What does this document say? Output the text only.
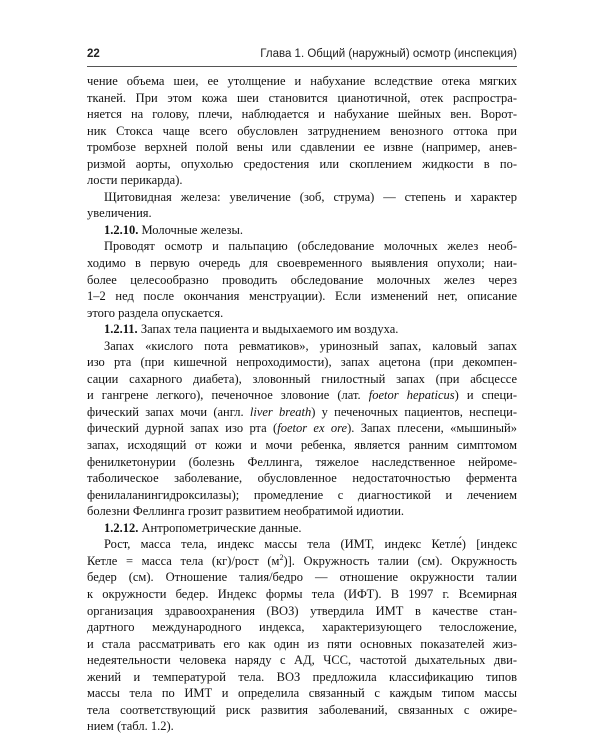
22	Глава 1. Общий (наружный) осмотр (инспекция)
чение объема шеи, ее утолщение и набухание вследствие отека мягких
тканей. При этом кожа шеи становится цианотичной, отек распростра-
няется на голову, плечи, наблюдается и набухание шейных вен. Ворот-
ник Стокса чаще всего обусловлен затруднением венозного оттока при
тромбозе верхней полой вены или сдавлении ее извне (например, анев-
ризмой аорты, опухолью средостения или скоплением жидкости в по-
лости перикарда).
Щитовидная железа: увеличение (зоб, струма) — степень и характер
увеличения.
1.2.10. Молочные железы.
Проводят осмотр и пальпацию (обследование молочных желез необ-
ходимо в первую очередь для своевременного выявления опухоли; наи-
более целесообразно проводить обследование молочных желез через
1–2 нед после окончания менструации). Если изменений нет, описание
этого раздела опускается.
1.2.11. Запах тела пациента и выдыхаемого им воздуха.
Запах «кислого пота ревматиков», уринозный запах, каловый запах
изо рта (при кишечной непроходимости), запах ацетона (при декомпен-
сации сахарного диабета), зловонный гнилостный запах (при абсцессе
и гангрене легкого), печеночное зловоние (лат. foetor hepaticus) и специ-
фический запах мочи (англ. liver breath) у печеночных пациентов, неспеци-
фический дурной запах изо рта (foetor ex ore). Запах плесени, «мышиный»
запах, исходящий от кожи и мочи ребенка, является ранним симптомом
фенилкетонурии (болезнь Феллинга, тяжелое наследственное нейроме-
таболическое заболевание, обусловленное недостаточностью фермента
фенилаланингидроксилазы); промедление с диагностикой и лечением
болезни Феллинга грозит развитием необратимой идиотии.
1.2.12. Антропометрические данные.
Рост, масса тела, индекс массы тела (ИМТ, индекс Кетле́) [индекс
Кетле = масса тела (кг)/рост $(м^2)$]. Окружность талии (см). Окружность
бедер (см). Отношение талия/бедро — отношение окружности талии
к окружности бедер. Индекс формы тела (ИФТ). В 1997 г. Всемирная
организация здравоохранения (ВОЗ) утвердила ИМТ в качестве стан-
дартного международного индекса, характеризующего телосложение,
и стала рассматривать его как один из пяти основных показателей жиз-
недеятельности человека наряду с АД, ЧСС, частотой дыхательных дви-
жений и температурой тела. ВОЗ предложила классификацию типов
массы тела по ИМТ и определила связанный с каждым типом массы
тела соответствующий риск развития заболеваний, связанных с ожире-
нием (табл. 1.2).
